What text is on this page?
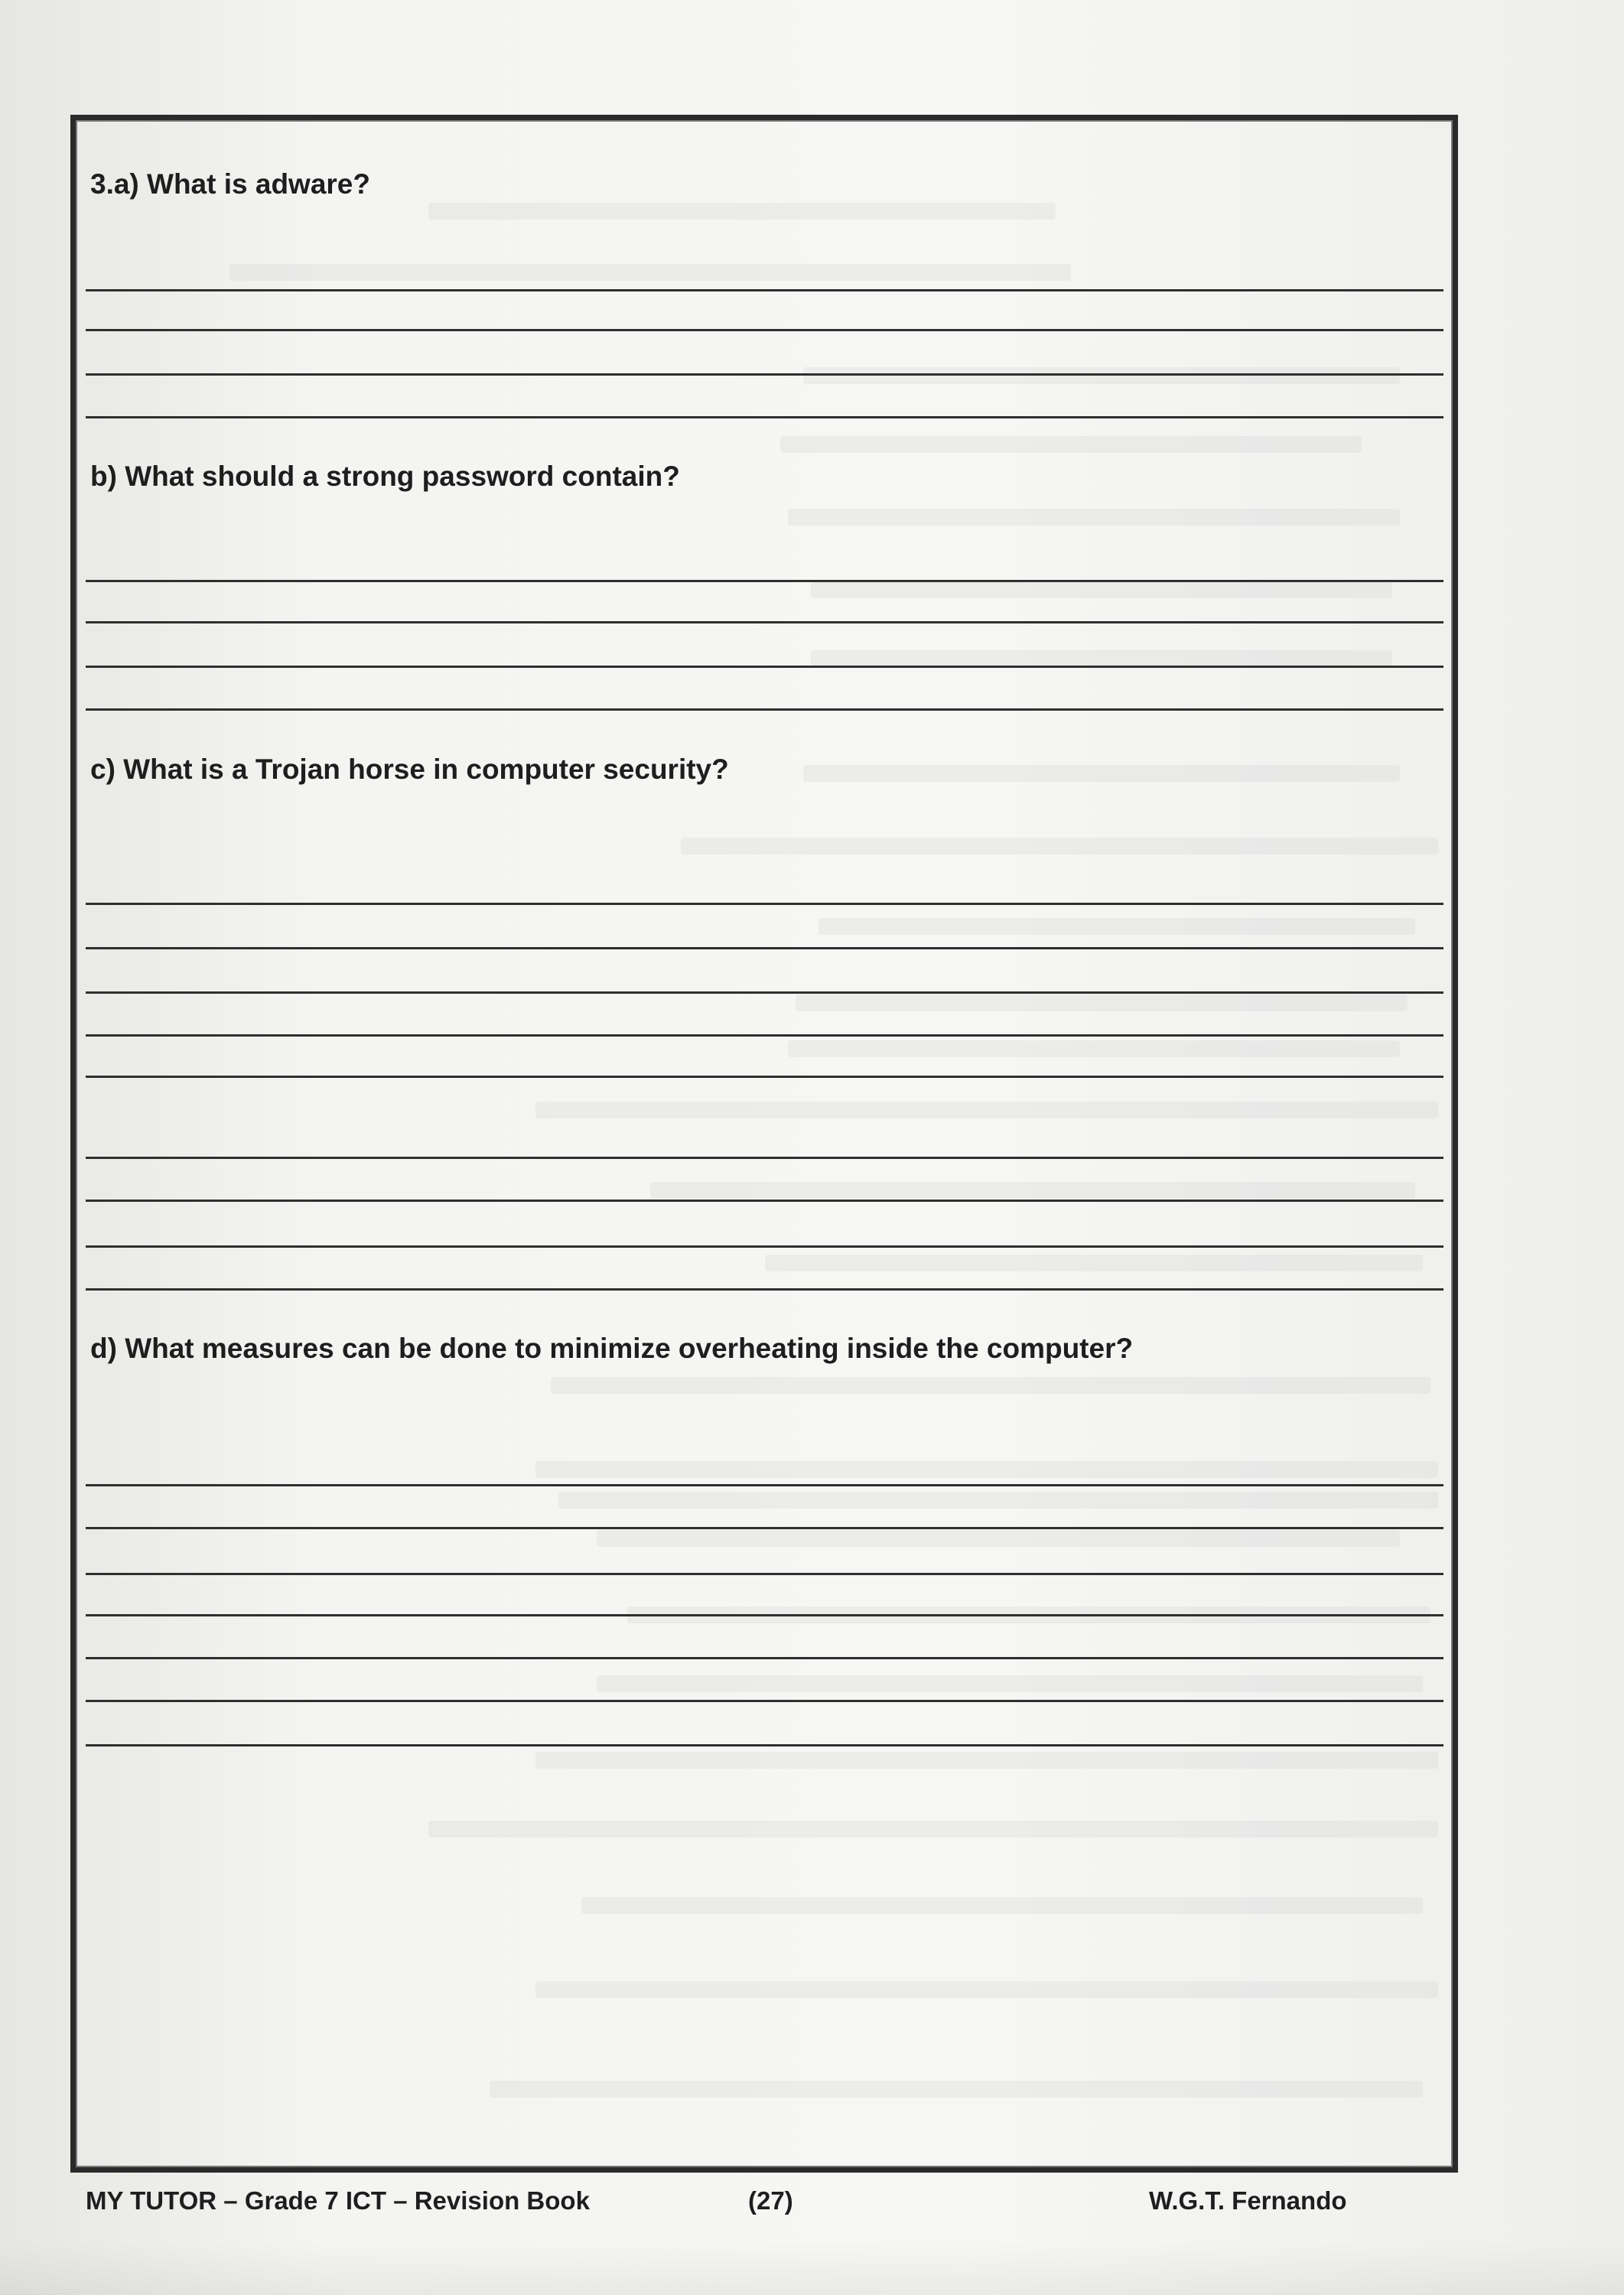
3.a) What is adware?
b) What should a strong password contain?
c) What is a Trojan horse in computer security?
d) What measures can be done to minimize overheating inside the computer?
MY TUTOR – Grade 7 ICT – Revision Book	(27)	W.G.T. Fernando
